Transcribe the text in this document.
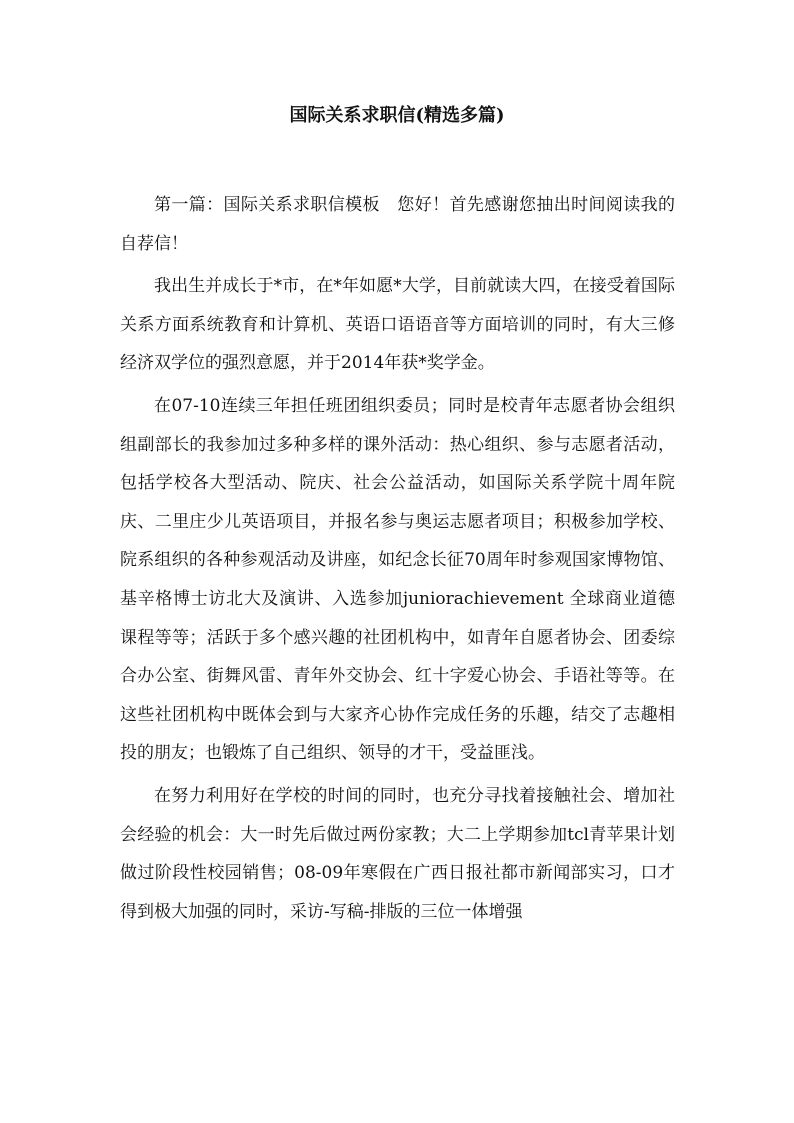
国际关系求职信(精选多篇)

第一篇：国际关系求职信模板　您好！首先感谢您抽出时间阅读我的自荐信！

我出生并成长于*市，在*年如愿*大学，目前就读大四，在接受着国际关系方面系统教育和计算机、英语口语语音等方面培训的同时，有大三修经济双学位的强烈意愿，并于2014年获*奖学金。

在07-10连续三年担任班团组织委员；同时是校青年志愿者协会组织组副部长的我参加过多种多样的课外活动：热心组织、参与志愿者活动，包括学校各大型活动、院庆、社会公益活动，如国际关系学院十周年院庆、二里庄少儿英语项目，并报名参与奥运志愿者项目；积极参加学校、院系组织的各种参观活动及讲座，如纪念长征70周年时参观国家博物馆、基辛格博士访北大及演讲、入选参加juniorachievement 全球商业道德课程等等；活跃于多个感兴趣的社团机构中，如青年自愿者协会、团委综合办公室、街舞风雷、青年外交协会、红十字爱心协会、手语社等等。在这些社团机构中既体会到与大家齐心协作完成任务的乐趣，结交了志趣相投的朋友；也锻炼了自己组织、领导的才干，受益匪浅。

在努力利用好在学校的时间的同时，也充分寻找着接触社会、增加社会经验的机会：大一时先后做过两份家教；大二上学期参加tcl青苹果计划做过阶段性校园销售；08-09年寒假在广西日报社都市新闻部实习，口才得到极大加强的同时，采访-写稿-排版的三位一体增强
